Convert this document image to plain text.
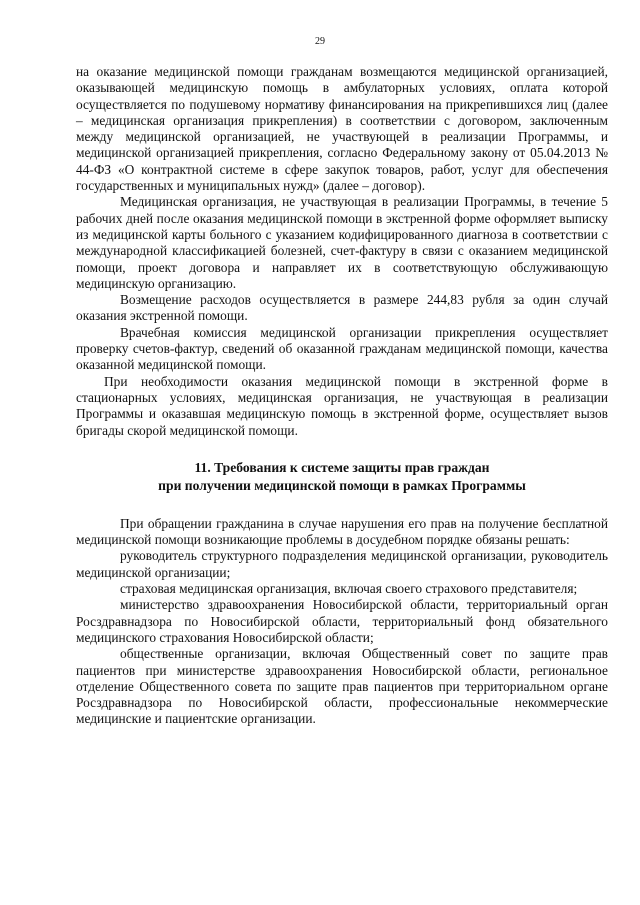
29

на оказание медицинской помощи гражданам возмещаются медицинской организацией, оказывающей медицинскую помощь в амбулаторных условиях, оплата которой осуществляется по подушевому нормативу финансирования на прикрепившихся лиц (далее – медицинская организация прикрепления) в соответствии с договором, заключенным между медицинской организацией, не участвующей в реализации Программы, и медицинской организацией прикрепления, согласно Федеральному закону от 05.04.2013 № 44-ФЗ «О контрактной системе в сфере закупок товаров, работ, услуг для обеспечения государственных и муниципальных нужд» (далее – договор).

Медицинская организация, не участвующая в реализации Программы, в течение 5 рабочих дней после оказания медицинской помощи в экстренной форме оформляет выписку из медицинской карты больного с указанием кодифицированного диагноза в соответствии с международной классификацией болезней, счет-фактуру в связи с оказанием медицинской помощи, проект договора и направляет их в соответствующую обслуживающую медицинскую организацию.

Возмещение расходов осуществляется в размере 244,83 рубля за один случай оказания экстренной помощи.

Врачебная комиссия медицинской организации прикрепления осуществляет проверку счетов-фактур, сведений об оказанной гражданам медицинской помощи, качества оказанной медицинской помощи.

При необходимости оказания медицинской помощи в экстренной форме в стационарных условиях, медицинская организация, не участвующая в реализации Программы и оказавшая медицинскую помощь в экстренной форме, осуществляет вызов бригады скорой медицинской помощи.

11. Требования к системе защиты прав граждан
при получении медицинской помощи в рамках Программы

При обращении гражданина в случае нарушения его прав на получение бесплатной медицинской помощи возникающие проблемы в досудебном порядке обязаны решать:

руководитель структурного подразделения медицинской организации, руководитель медицинской организации;

страховая медицинская организация, включая своего страхового представителя;

министерство здравоохранения Новосибирской области, территориальный орган Росздравнадзора по Новосибирской области, территориальный фонд обязательного медицинского страхования Новосибирской области;

общественные организации, включая Общественный совет по защите прав пациентов при министерстве здравоохранения Новосибирской области, региональное отделение Общественного совета по защите прав пациентов при территориальном органе Росздравнадзора по Новосибирской области, профессиональные некоммерческие медицинские и пациентские организации.
